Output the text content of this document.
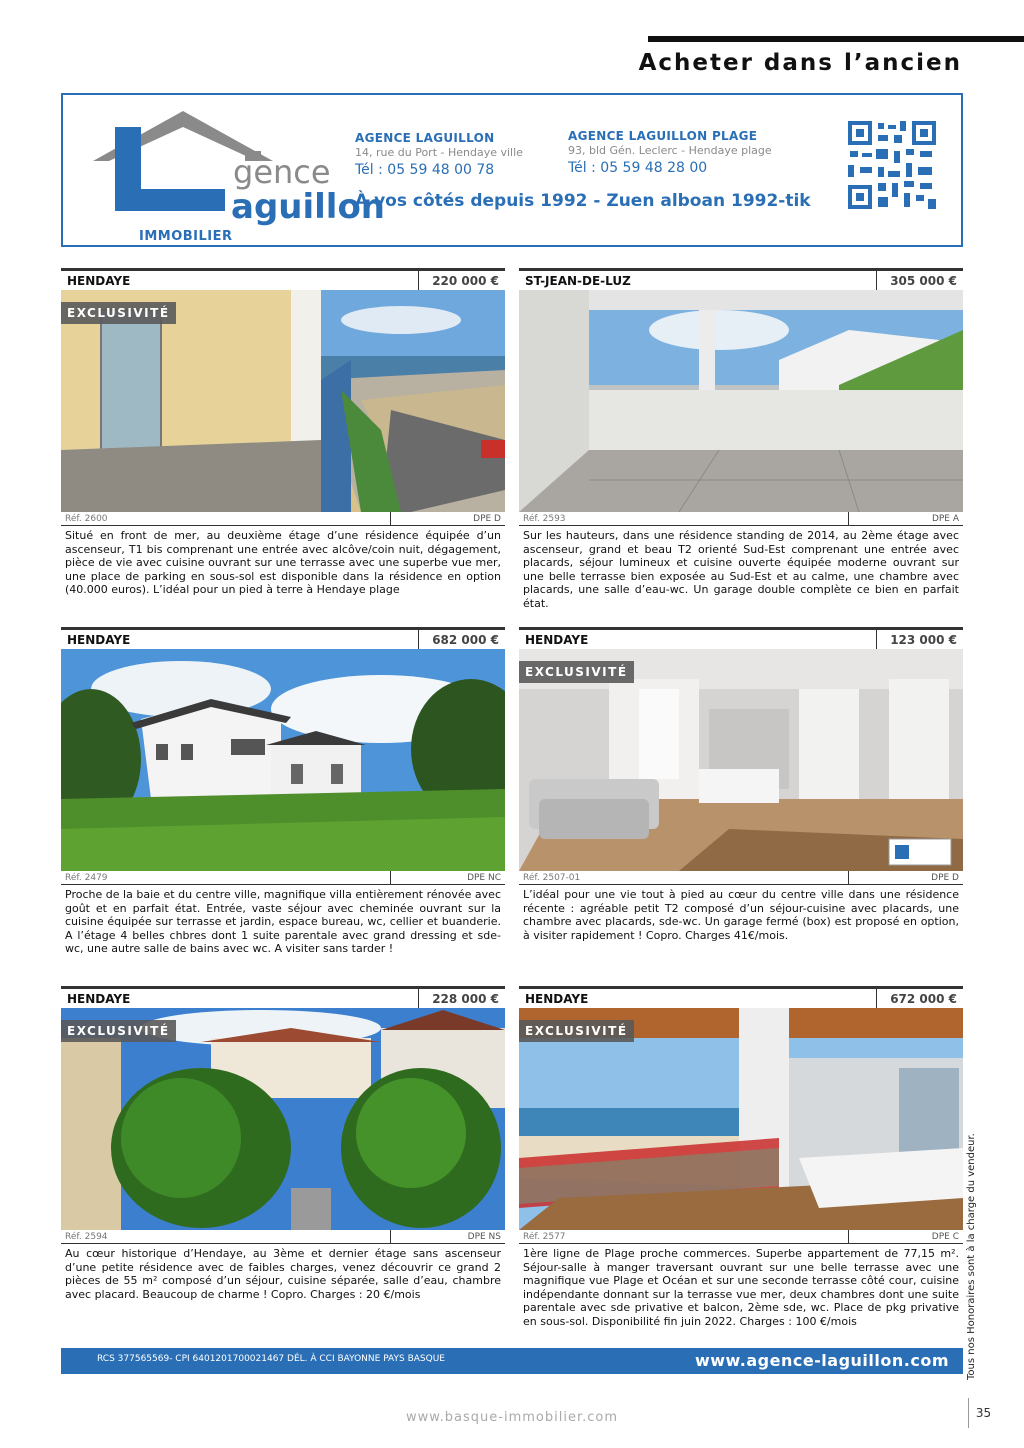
Acheter dans l’ancien
gence
aguillon
IMMOBILIER
AGENCE LAGUILLON
14, rue du Port - Hendaye ville
Tél : 05 59 48 00 78
AGENCE LAGUILLON PLAGE
93, bld Gén. Leclerc - Hendaye plage
Tél : 05 59 48 28 00
À vos côtés depuis 1992 - Zuen alboan 1992-tik
HENDAYE	220 000 €
EXCLUSIVITÉ
Réf. 2600	DPE D

Situé en front de mer, au deuxième étage d’une résidence équipée d’un ascenseur, T1 bis comprenant une entrée avec alcôve/coin nuit, dégagement, pièce de vie avec cuisine ouvrant sur une terrasse avec une superbe vue mer, une place de parking en sous-sol est disponible dans la résidence en option (40.000 euros). L’idéal pour un pied à terre à Hendaye plage

ST-JEAN-DE-LUZ	305 000 €
Réf. 2593	DPE A

Sur les hauteurs, dans une résidence standing de 2014, au 2ème étage avec ascenseur, grand et beau T2 orienté Sud-Est comprenant une entrée avec placards, séjour lumineux et cuisine ouverte équipée moderne ouvrant sur une belle terrasse bien exposée au Sud-Est et au calme, une chambre avec placards, une salle d’eau-wc. Un garage double complète ce bien en parfait état.

HENDAYE	682 000 €
Réf. 2479	DPE NC

Proche de la baie et du centre ville, magnifique villa entièrement rénovée avec goût et en parfait état. Entrée, vaste séjour avec cheminée ouvrant sur la cuisine équipée sur terrasse et jardin, espace bureau, wc, cellier et buanderie. A l’étage 4 belles chbres dont 1 suite parentale avec grand dressing et sde-wc, une autre salle de bains avec wc. A visiter sans tarder !

HENDAYE	123 000 €
EXCLUSIVITÉ
Réf. 2507-01	DPE D

L’idéal pour une vie tout à pied au cœur du centre ville dans une résidence récente : agréable petit T2 composé d’un séjour-cuisine avec placards, une chambre avec placards, sde-wc. Un garage fermé (box) est proposé en option, à visiter rapidement ! Copro. Charges 41€/mois.

HENDAYE	228 000 €
EXCLUSIVITÉ
Réf. 2594	DPE NS

Au cœur historique d’Hendaye, au 3ème et dernier étage sans ascenseur d’une petite résidence avec de faibles charges, venez découvrir ce grand 2 pièces de 55 m² composé d’un séjour, cuisine séparée, salle d’eau, chambre avec placard. Beaucoup de charme ! Copro. Charges : 20 €/mois

HENDAYE	672 000 €
EXCLUSIVITÉ
Réf. 2577	DPE C

1ère ligne de Plage proche commerces. Superbe appartement de 77,15 m². Séjour-salle à manger traversant ouvrant sur une belle terrasse avec une magnifique vue Plage et Océan et sur une seconde terrasse côté cour, cuisine indépendante donnant sur la terrasse vue mer, deux chambres dont une suite parentale avec sde privative et balcon, 2ème sde, wc. Place de pkg privative en sous-sol. Disponibilité fin juin 2022. Charges : 100 €/mois

RCS 377565569- CPI 6401201700021467 DÉL. À CCI BAYONNE PAYS BASQUE	www.agence-laguillon.com Tous nos Honoraires sont à la charge du vendeur.
www.basque-immobilier.com	35
